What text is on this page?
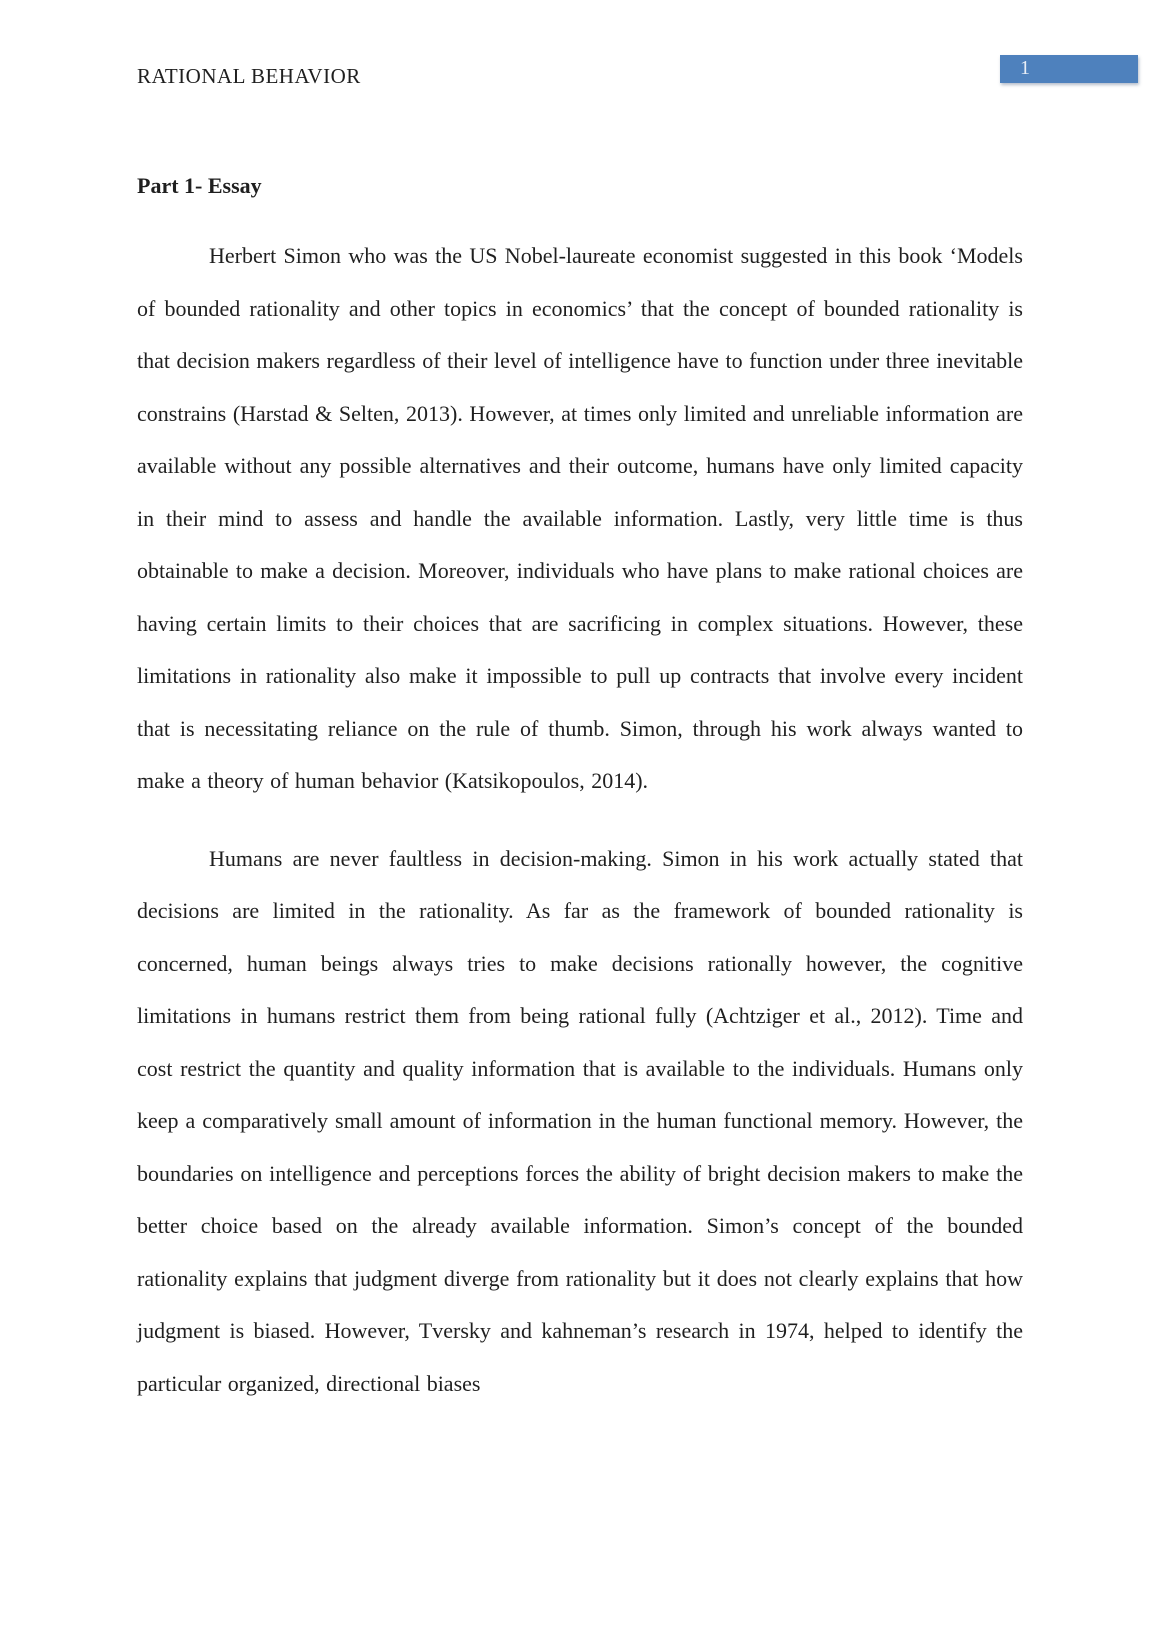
RATIONAL BEHAVIOR	1
Part 1- Essay

Herbert Simon who was the US Nobel-laureate economist suggested in this book ‘Models of bounded rationality and other topics in economics’ that the concept of bounded rationality is that decision makers regardless of their level of intelligence have to function under three inevitable constrains (Harstad & Selten, 2013). However, at times only limited and unreliable information are available without any possible alternatives and their outcome, humans have only limited capacity in their mind to assess and handle the available information. Lastly, very little time is thus obtainable to make a decision. Moreover, individuals who have plans to make rational choices are having certain limits to their choices that are sacrificing in complex situations. However, these limitations in rationality also make it impossible to pull up contracts that involve every incident that is necessitating reliance on the rule of thumb. Simon, through his work always wanted to make a theory of human behavior (Katsikopoulos, 2014).

Humans are never faultless in decision-making. Simon in his work actually stated that decisions are limited in the rationality. As far as the framework of bounded rationality is concerned, human beings always tries to make decisions rationally however, the cognitive limitations in humans restrict them from being rational fully (Achtziger et al., 2012). Time and cost restrict the quantity and quality information that is available to the individuals. Humans only keep a comparatively small amount of information in the human functional memory. However, the boundaries on intelligence and perceptions forces the ability of bright decision makers to make the better choice based on the already available information. Simon’s concept of the bounded rationality explains that judgment diverge from rationality but it does not clearly explains that how judgment is biased. However, Tversky and kahneman’s research in 1974, helped to identify the particular organized, directional biases
